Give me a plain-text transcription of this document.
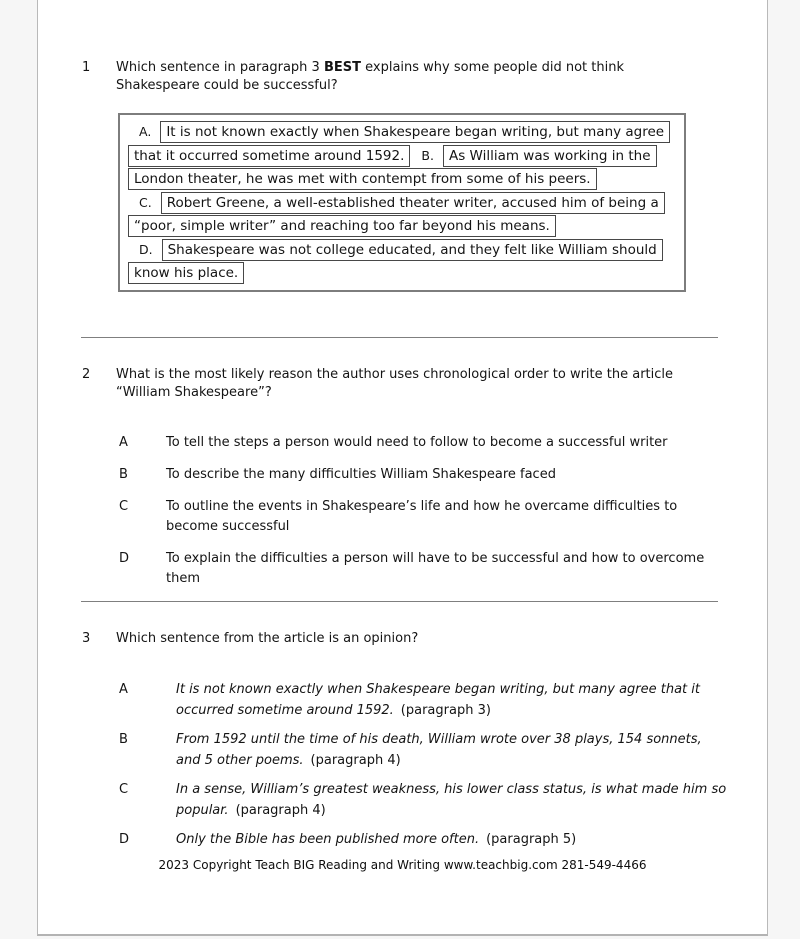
1	Which sentence in paragraph 3 BEST explains why some people did not think Shakespeare could be successful?

A. It is not known exactly when Shakespeare began writing, but many agree that it occurred sometime around 1592. B. As William was working in the London theater, he was met with contempt from some of his peers.

C. Robert Greene, a well-established theater writer, accused him of being a “poor, simple writer” and reaching too far beyond his means.

D. Shakespeare was not college educated, and they felt like William should know his place.

2	What is the most likely reason the author uses chronological order to write the article “William Shakespeare”?
A	To tell the steps a person would need to follow to become a successful writer
B	To describe the many difficulties William Shakespeare faced
C	To outline the events in Shakespeare’s life and how he overcame difficulties to become successful
D	To explain the difficulties a person will have to be successful and how to overcome them
3	Which sentence from the article is an opinion?
A	It is not known exactly when Shakespeare began writing, but many agree that it occurred sometime around 1592. (paragraph 3)
B	From 1592 until the time of his death, William wrote over 38 plays, 154 sonnets, and 5 other poems. (paragraph 4)
C	In a sense, William’s greatest weakness, his lower class status, is what made him so popular. (paragraph 4)
D	Only the Bible has been published more often. (paragraph 5)
2023 Copyright Teach BIG Reading and Writing www.teachbig.com 281-549-4466
